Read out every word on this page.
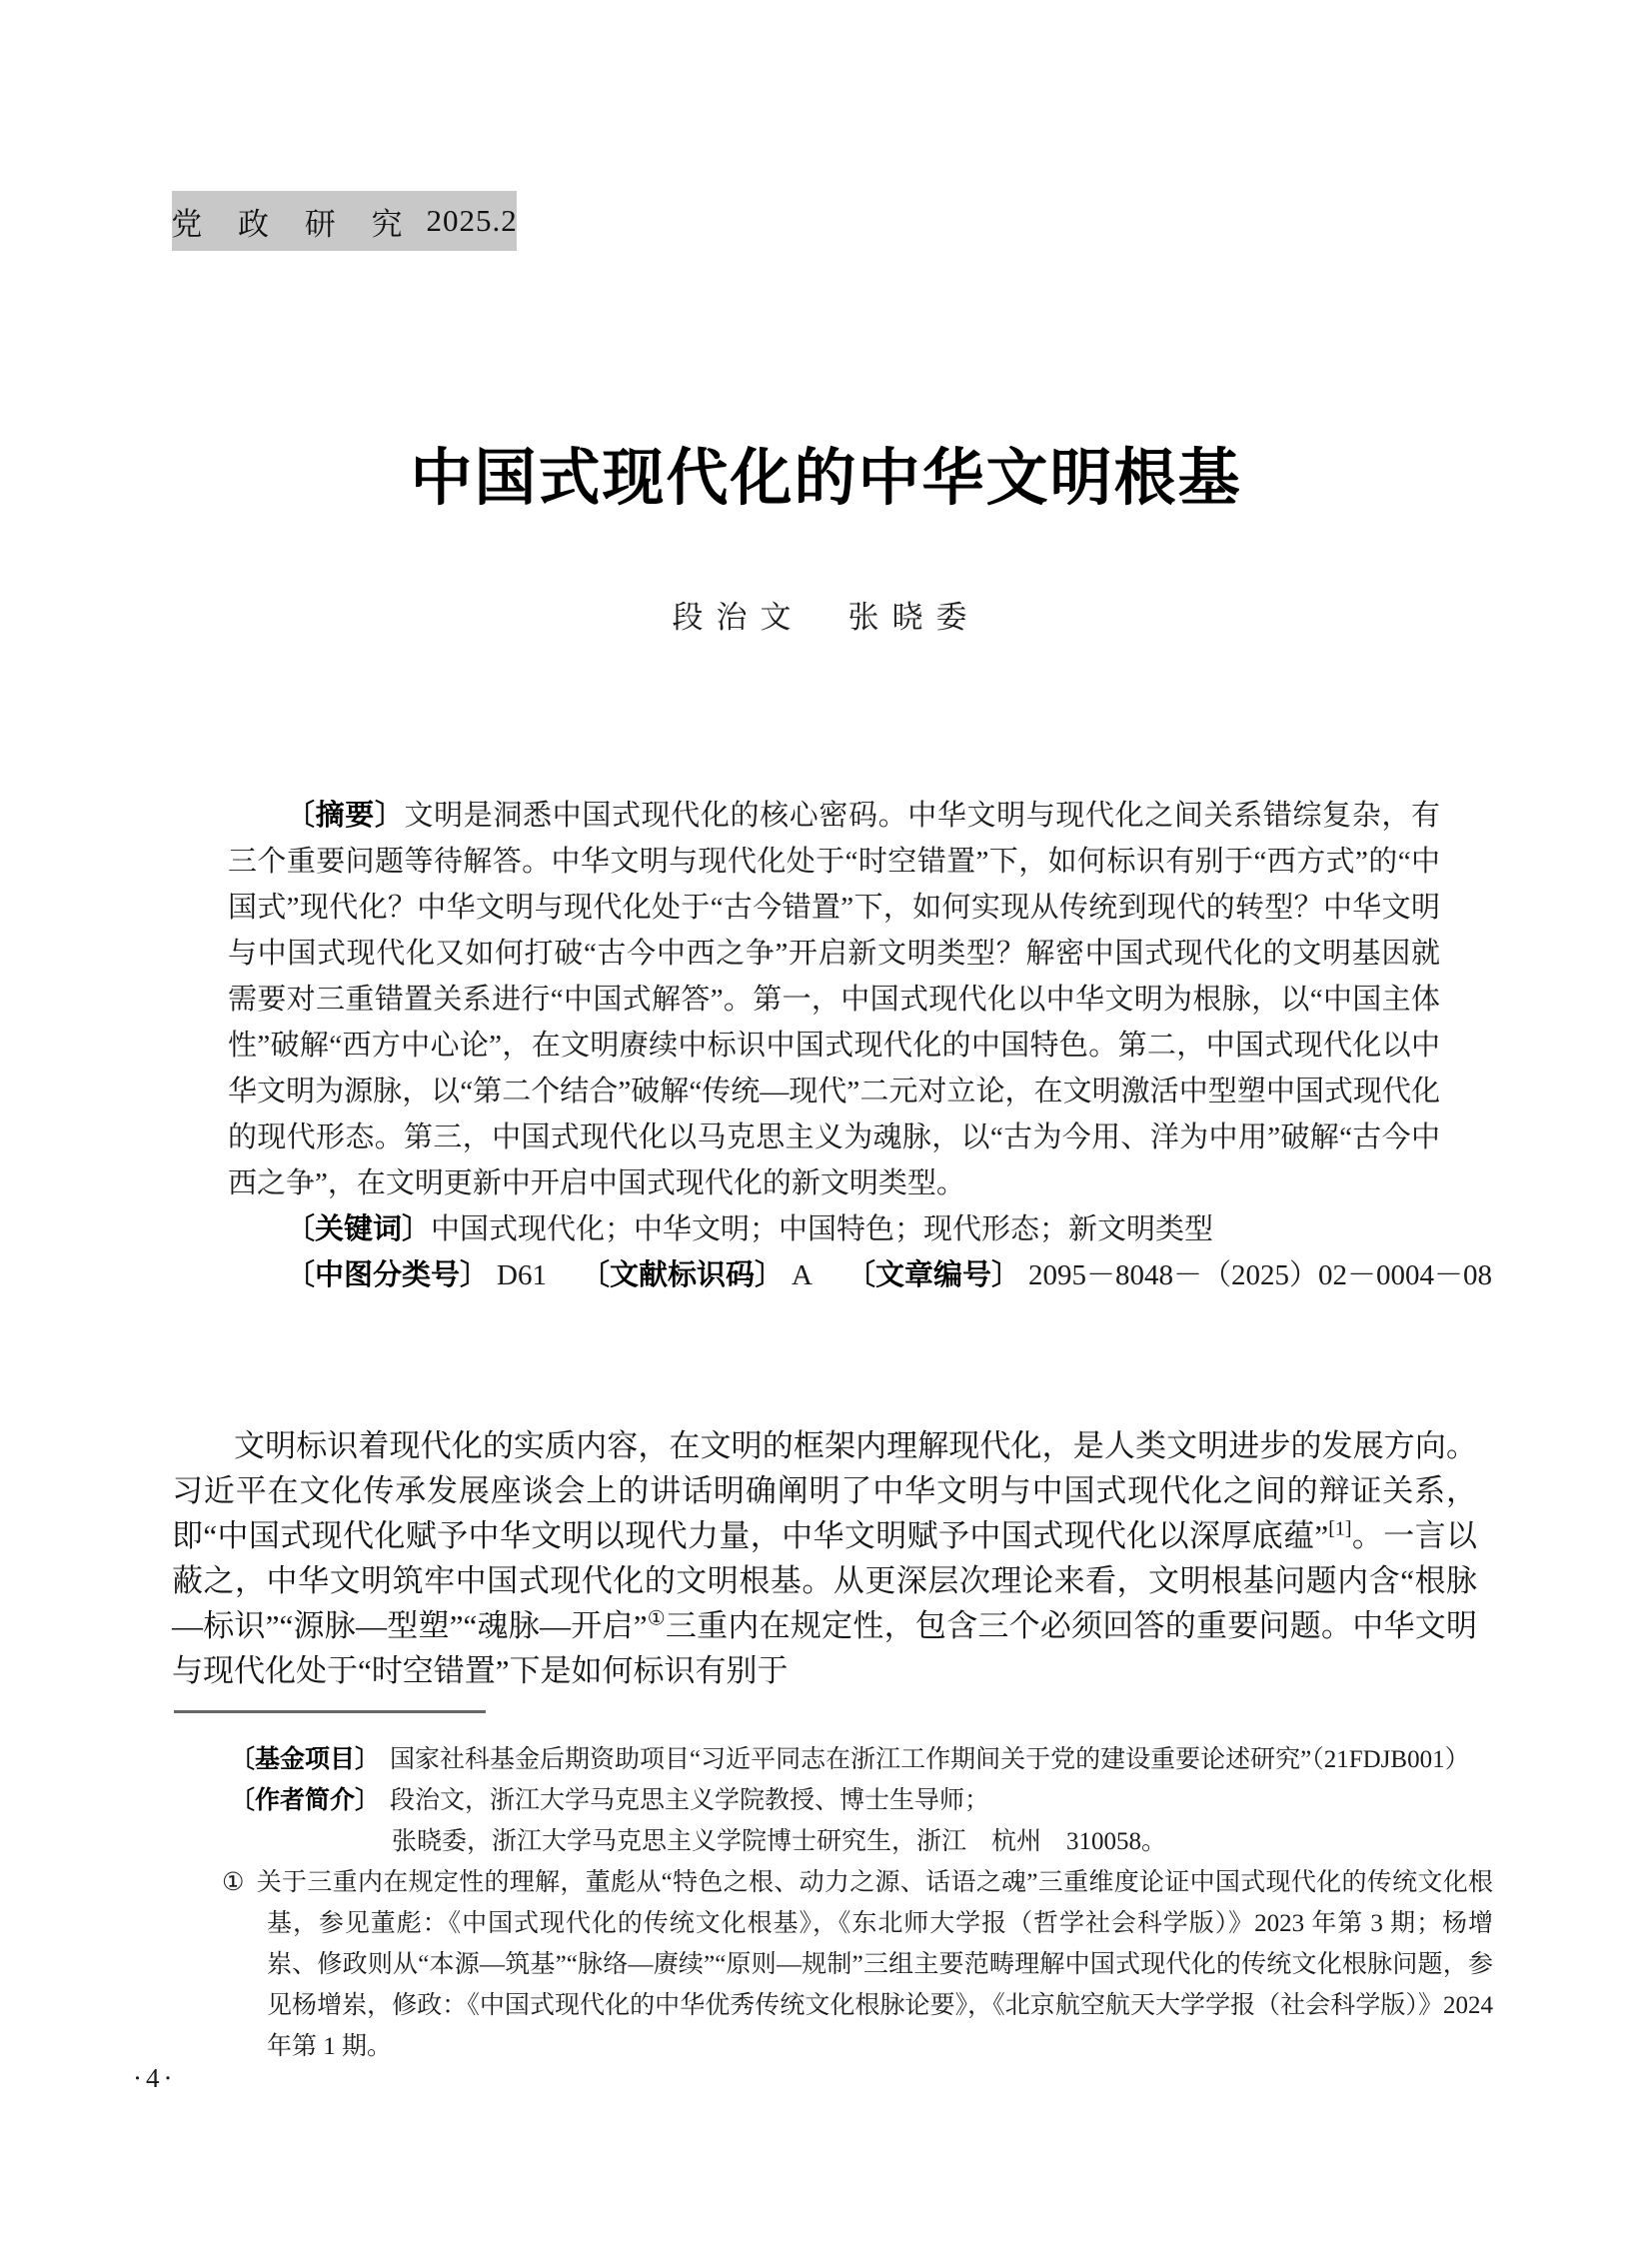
党 政 研 究 2025.2
中国式现代化的中华文明根基
段治文　张晓委

〔摘要〕文明是洞悉中国式现代化的核心密码。中华文明与现代化之间关系错综复杂，有三个重要问题等待解答。中华文明与现代化处于“时空错置”下，如何标识有别于“西方式”的“中国式”现代化？中华文明与现代化处于“古今错置”下，如何实现从传统到现代的转型？中华文明与中国式现代化又如何打破“古今中西之争”开启新文明类型？解密中国式现代化的文明基因就需要对三重错置关系进行“中国式解答”。第一，中国式现代化以中华文明为根脉，以“中国主体性”破解“西方中心论”，在文明赓续中标识中国式现代化的中国特色。第二，中国式现代化以中华文明为源脉，以“第二个结合”破解“传统—现代”二元对立论，在文明激活中型塑中国式现代化的现代形态。第三，中国式现代化以马克思主义为魂脉，以“古为今用、洋为中用”破解“古今中西之争”，在文明更新中开启中国式现代化的新文明类型。

〔关键词〕中国式现代化；中华文明；中国特色；现代形态；新文明类型

〔中图分类号〕 D61 〔文献标识码〕 A 〔文章编号〕 2095－8048－（2025）02－0004－08

文明标识着现代化的实质内容，在文明的框架内理解现代化，是人类文明进步的发展方向。习近平在文化传承发展座谈会上的讲话明确阐明了中华文明与中国式现代化之间的辩证关系，即“中国式现代化赋予中华文明以现代力量，中华文明赋予中国式现代化以深厚底蕴”[1]。一言以蔽之，中华文明筑牢中国式现代化的文明根基。从更深层次理论来看，文明根基问题内含“根脉—标识”“源脉—型塑”“魂脉—开启”①三重内在规定性，包含三个必须回答的重要问题。中华文明与现代化处于“时空错置”下是如何标识有别于

〔基金项目〕 国家社科基金后期资助项目“习近平同志在浙江工作期间关于党的建设重要论述研究”（21FDJB001）

〔作者简介〕 段治文，浙江大学马克思主义学院教授、博士生导师；

张晓委，浙江大学马克思主义学院博士研究生，浙江　杭州　310058。

① 关于三重内在规定性的理解，董彪从“特色之根、动力之源、话语之魂”三重维度论证中国式现代化的传统文化根基，参见董彪：《中国式现代化的传统文化根基》，《东北师大学报（哲学社会科学版）》2023 年第 3 期；杨增岽、修政则从“本源—筑基”“脉络—赓续”“原则—规制”三组主要范畴理解中国式现代化的传统文化根脉问题，参见杨增岽，修政：《中国式现代化的中华优秀传统文化根脉论要》，《北京航空航天大学学报（社会科学版）》2024 年第 1 期。

·4·
